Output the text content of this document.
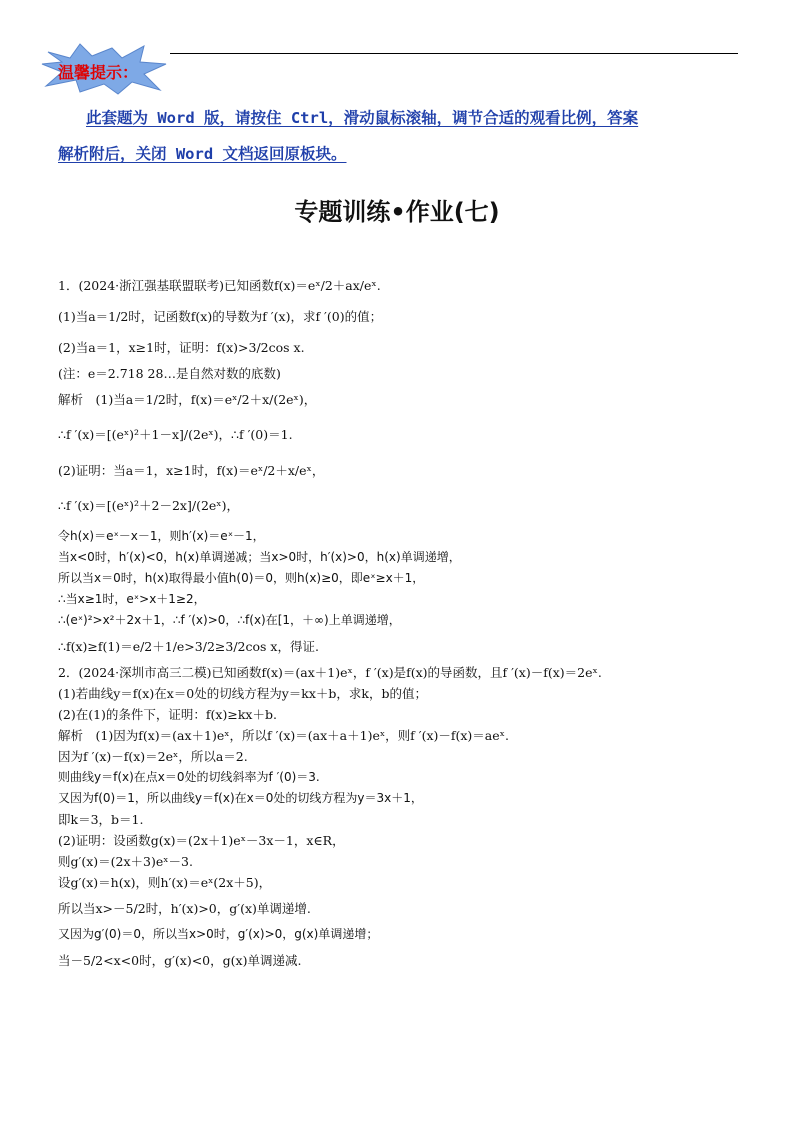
温馨提示：
此套题为 Word 版，请按住 Ctrl，滑动鼠标滚轴，调节合适的观看比例，答案
解析附后，关闭 Word 文档返回原板块。
专题训练•作业(七)
1．(2024·浙江强基联盟联考)已知函数f(x)＝eˣ/2＋ax/eˣ.
(1)当a＝1/2时，记函数f(x)的导数为f ′(x)，求f ′(0)的值；
(2)当a＝1，x≥1时，证明：f(x)>3/2cos x.
(注：e＝2.718 28…是自然对数的底数)
解析　(1)当a＝1/2时，f(x)＝eˣ/2＋x/(2eˣ)，
∴f ′(x)＝[(eˣ)²＋1－x]/(2eˣ)，∴f ′(0)＝1.
(2)证明：当a＝1，x≥1时，f(x)＝eˣ/2＋x/eˣ，
∴f ′(x)＝[(eˣ)²＋2－2x]/(2eˣ)，
令h(x)＝eˣ－x－1，则h′(x)＝eˣ－1，
当x<0时，h′(x)<0，h(x)单调递减；当x>0时，h′(x)>0，h(x)单调递增，
所以当x＝0时，h(x)取得最小值h(0)＝0，则h(x)≥0，即eˣ≥x＋1，
∴当x≥1时，eˣ>x＋1≥2，
∴(eˣ)²>x²＋2x＋1，∴f ′(x)>0，∴f(x)在[1，＋∞)上单调递增，
∴f(x)≥f(1)＝e/2＋1/e>3/2≥3/2cos x，得证.
2．(2024·深圳市高三二模)已知函数f(x)＝(ax＋1)eˣ，f ′(x)是f(x)的导函数，且f ′(x)－f(x)＝2eˣ.
(1)若曲线y＝f(x)在x＝0处的切线方程为y＝kx＋b，求k，b的值；
(2)在(1)的条件下，证明：f(x)≥kx＋b.
解析　(1)因为f(x)＝(ax＋1)eˣ，所以f ′(x)＝(ax＋a＋1)eˣ，则f ′(x)－f(x)＝aeˣ.
因为f ′(x)－f(x)＝2eˣ，所以a＝2.
则曲线y＝f(x)在点x＝0处的切线斜率为f ′(0)＝3.
又因为f(0)＝1，所以曲线y＝f(x)在x＝0处的切线方程为y＝3x＋1，
即k＝3，b＝1.
(2)证明：设函数g(x)＝(2x＋1)eˣ－3x－1，x∈R，
则g′(x)＝(2x＋3)eˣ－3.
设g′(x)＝h(x)，则h′(x)＝eˣ(2x＋5)，
所以当x>－5/2时，h′(x)>0，g′(x)单调递增.
又因为g′(0)＝0，所以当x>0时，g′(x)>0，g(x)单调递增；
当－5/2<x<0时，g′(x)<0，g(x)单调递减.
